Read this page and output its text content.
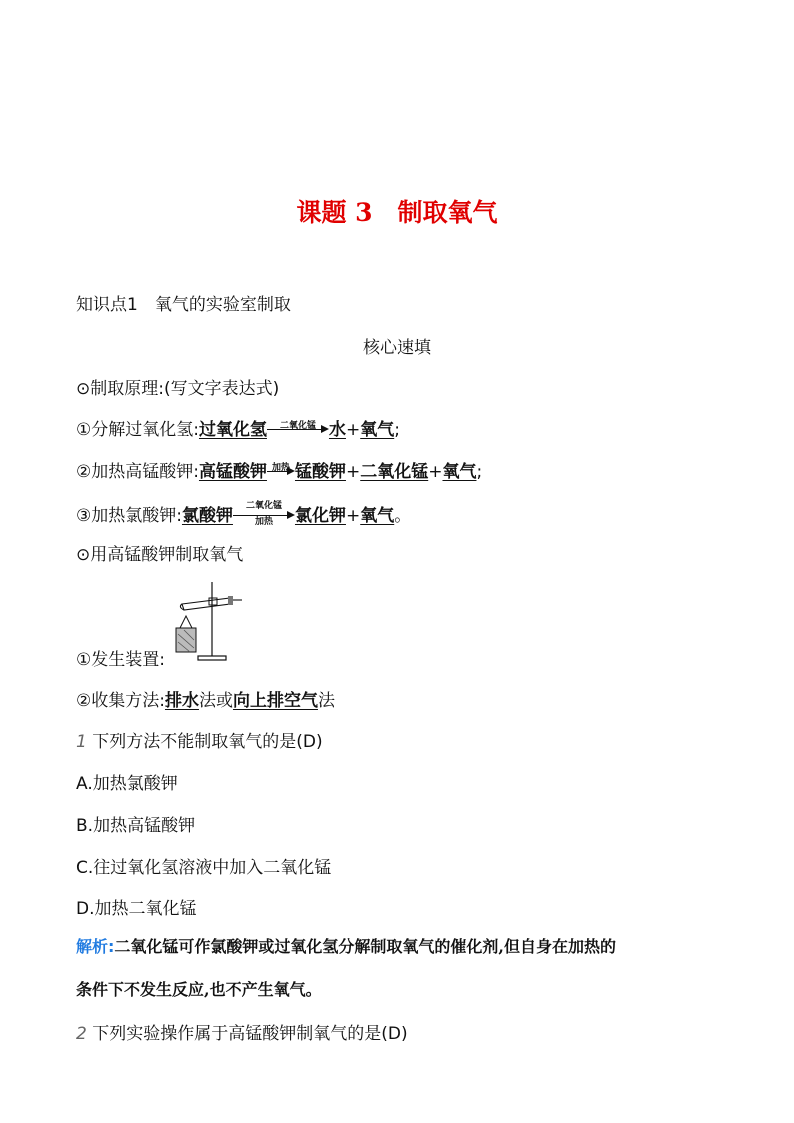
课题 3　制取氧气
知识点1　氧气的实验室制取
核心速填
⊙制取原理:(写文字表达式)
①分解过氧化氢:过氧化氢	二氧化锰 水+氧气;
②加热高锰酸钾:高锰酸钾 加热 锰酸钾+二氧化锰+氧气;
③加热氯酸钾:氯酸钾	二氧化锰
加热	氯化钾+氧气。
⊙用高锰酸钾制取氧气
①发生装置:
②收集方法:排水法或向上排空气法
1 下列方法不能制取氧气的是(D)
A.加热氯酸钾
B.加热高锰酸钾
C.往过氧化氢溶液中加入二氧化锰
D.加热二氧化锰
解析:二氧化锰可作氯酸钾或过氧化氢分解制取氧气的催化剂,但自身在加热的
条件下不发生反应,也不产生氧气。
2 下列实验操作属于高锰酸钾制氧气的是(D)
